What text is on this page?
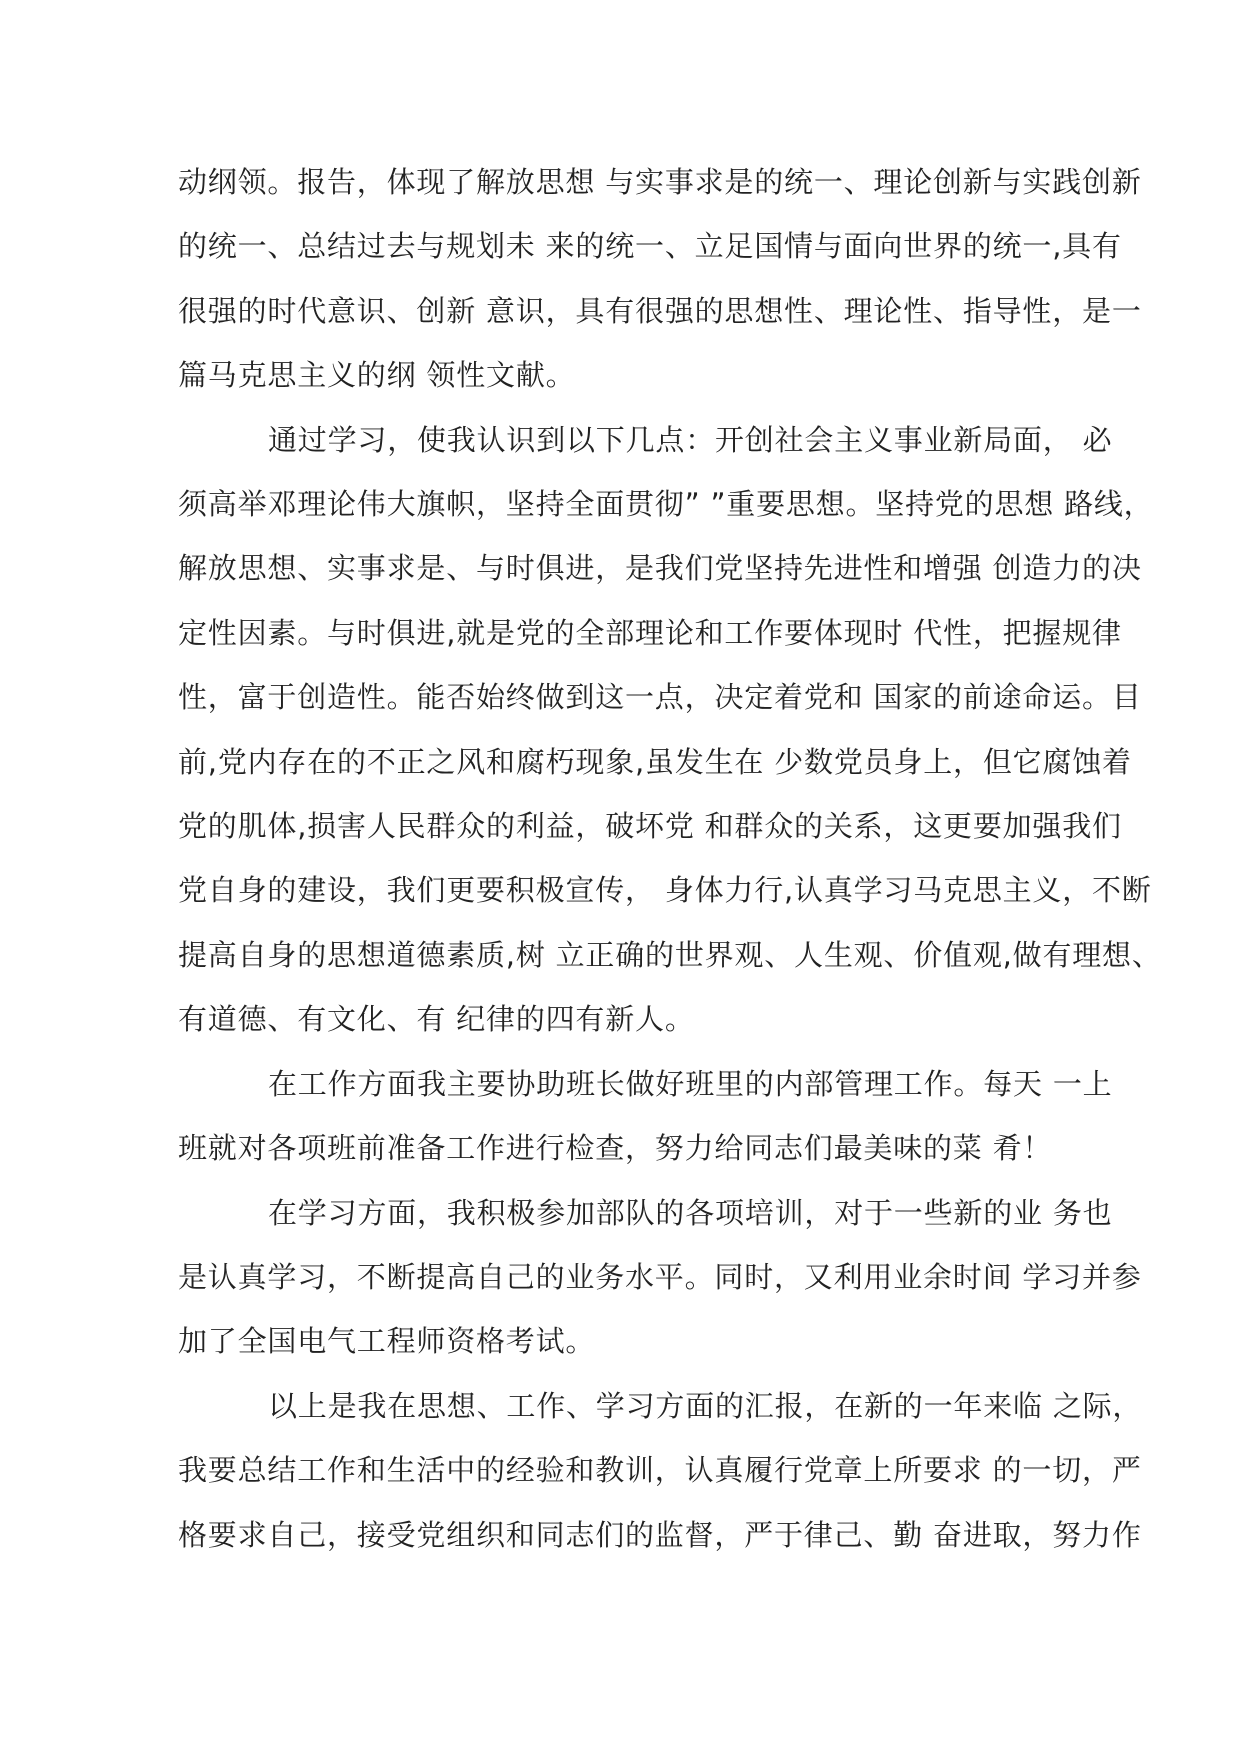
动纲领。报告，体现了解放思想 与实事求是的统一、理论创新与实践创新
的统一、总结过去与规划未 来的统一、立足国情与面向世界的统一,具有
很强的时代意识、创新 意识，具有很强的思想性、理论性、指导性，是一
篇马克思主义的纲 领性文献。

通过学习，使我认识到以下几点：开创社会主义事业新局面， 必
须高举邓理论伟大旗帜，坚持全面贯彻” ”重要思想。坚持党的思想 路线，
解放思想、实事求是、与时俱进，是我们党坚持先进性和增强 创造力的决
定性因素。与时俱进,就是党的全部理论和工作要体现时 代性，把握规律
性，富于创造性。能否始终做到这一点，决定着党和 国家的前途命运。目
前,党内存在的不正之风和腐朽现象,虽发生在 少数党员身上，但它腐蚀着
党的肌体,损害人民群众的利益，破坏党 和群众的关系，这更要加强我们
党自身的建设，我们更要积极宣传， 身体力行,认真学习马克思主义，不断
提高自身的思想道德素质,树 立正确的世界观、人生观、价值观,做有理想、
有道德、有文化、有 纪律的四有新人。

在工作方面我主要协助班长做好班里的内部管理工作。每天 一上
班就对各项班前准备工作进行检查，努力给同志们最美味的菜 肴！

在学习方面，我积极参加部队的各项培训，对于一些新的业 务也
是认真学习，不断提高自己的业务水平。同时，又利用业余时间 学习并参
加了全国电气工程师资格考试。

以上是我在思想、工作、学习方面的汇报，在新的一年来临 之际，
我要总结工作和生活中的经验和教训，认真履行党章上所要求 的一切，严
格要求自己，接受党组织和同志们的监督，严于律己、勤 奋进取，努力作
